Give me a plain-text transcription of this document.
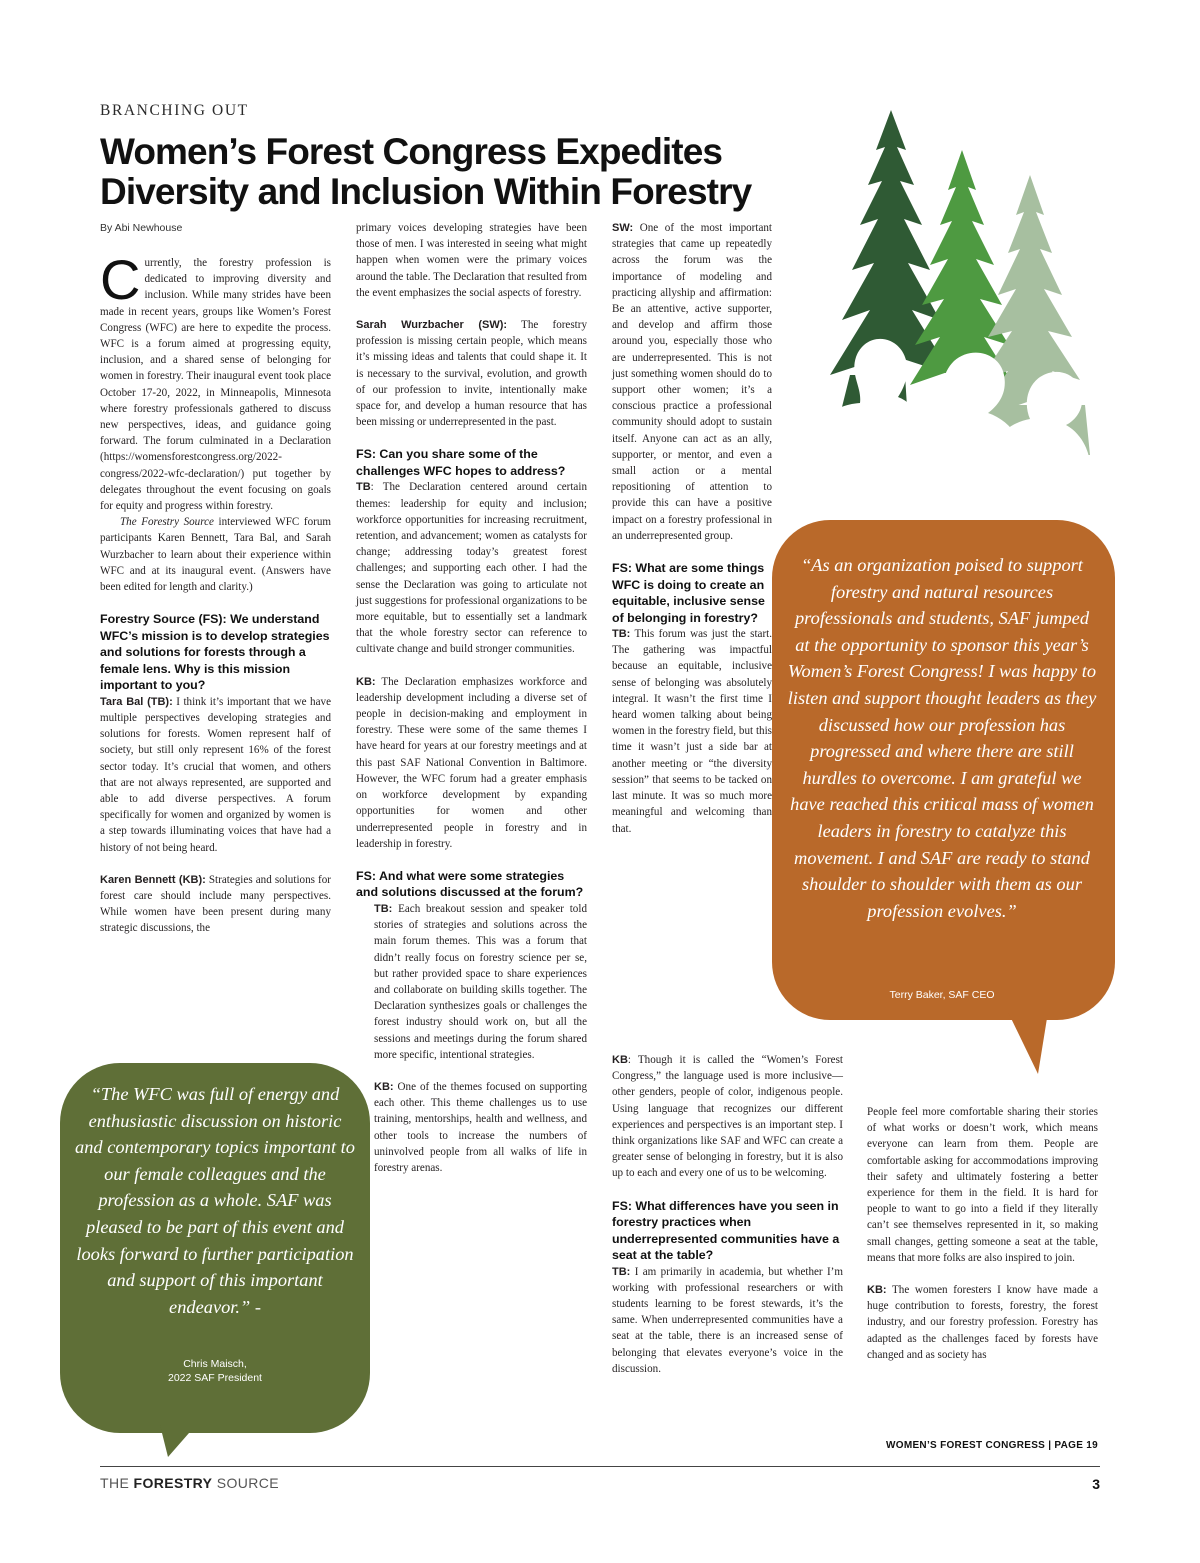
BRANCHING OUT
Women’s Forest Congress Expedites Diversity and Inclusion Within Forestry
By Abi Newhouse

Currently, the forestry profession is dedicated to improving diversity and inclusion. While many strides have been made in recent years, groups like Women’s Forest Congress (WFC) are here to expedite the process. WFC is a forum aimed at progressing equity, inclusion, and a shared sense of belonging for women in forestry. Their inaugural event took place October 17-20, 2022, in Minneapolis, Minnesota where forestry professionals gathered to discuss new perspectives, ideas, and guidance going forward. The forum culminated in a Declaration (https://womensforestcongress.org/2022-congress/2022-wfc-declaration/) put together by delegates throughout the event focusing on goals for equity and progress within forestry.

The Forestry Source interviewed WFC forum participants Karen Bennett, Tara Bal, and Sarah Wurzbacher to learn about their experience within WFC and at its inaugural event. (Answers have been edited for length and clarity.)

Forestry Source (FS): We understand WFC’s mission is to develop strategies and solutions for forests through a female lens. Why is this mission important to you?

Tara Bal (TB): I think it’s important that we have multiple perspectives developing strategies and solutions for forests. Women represent half of society, but still only represent 16% of the forest sector today. It’s crucial that women, and others that are not always represented, are supported and able to add diverse perspectives. A forum specifically for women and organized by women is a step towards illuminating voices that have had a history of not being heard.

Karen Bennett (KB): Strategies and solutions for forest care should include many perspectives. While women have been present during many strategic discussions, the

primary voices developing strategies have been those of men. I was interested in seeing what might happen when women were the primary voices around the table. The Declaration that resulted from the event emphasizes the social aspects of forestry.

Sarah Wurzbacher (SW): The forestry profession is missing certain people, which means it’s missing ideas and talents that could shape it. It is necessary to the survival, evolution, and growth of our profession to invite, intentionally make space for, and develop a human resource that has been missing or underrepresented in the past.

FS: Can you share some of the challenges WFC hopes to address?

TB: The Declaration centered around certain themes: leadership for equity and inclusion; workforce opportunities for increasing recruitment, retention, and advancement; women as catalysts for change; addressing today’s greatest forest challenges; and supporting each other. I had the sense the Declaration was going to articulate not just suggestions for professional organizations to be more equitable, but to essentially set a landmark that the whole forestry sector can reference to cultivate change and build stronger communities.

KB: The Declaration emphasizes workforce and leadership development including a diverse set of people in decision-making and employment in forestry. These were some of the same themes I have heard for years at our forestry meetings and at this past SAF National Convention in Baltimore. However, the WFC forum had a greater emphasis on workforce development by expanding opportunities for women and other underrepresented people in forestry and in leadership in forestry.

FS: And what were some strategies and solutions discussed at the forum?

TB: Each breakout session and speaker told stories of strategies and solutions across the main forum themes. This was a forum that didn’t really focus on forestry science per se, but rather provided space to share experiences and collaborate on building skills together. The Declaration synthesizes goals or challenges the forest industry should work on, but all the sessions and meetings during the forum shared more specific, intentional strategies.

KB: One of the themes focused on supporting each other. This theme challenges us to use training, mentorships, health and wellness, and other tools to increase the numbers of uninvolved people from all walks of life in forestry arenas.

SW: One of the most important strategies that came up repeatedly across the forum was the importance of modeling and practicing allyship and affirmation: Be an attentive, active supporter, and develop and affirm those around you, especially those who are underrepresented. This is not just something women should do to support other women; it’s a conscious practice a professional community should adopt to sustain itself. Anyone can act as an ally, supporter, or mentor, and even a small action or a mental repositioning of attention to provide this can have a positive impact on a forestry professional in an underrepresented group.

FS: What are some things WFC is doing to create an equitable, inclusive sense of belonging in forestry?

TB: This forum was just the start. The gathering was impactful because an equitable, inclusive sense of belonging was absolutely integral. It wasn’t the first time I heard women talking about being women in the forestry field, but this time it wasn’t just a side bar at another meeting or “the diversity session” that seems to be tacked on last minute. It was so much more meaningful and welcoming than that.

KB: Though it is called the “Women’s Forest Congress,” the language used is more inclusive—other genders, people of color, indigenous people. Using language that recognizes our different experiences and perspectives is an important step. I think organizations like SAF and WFC can create a greater sense of belonging in forestry, but it is also up to each and every one of us to be welcoming.

FS: What differences have you seen in forestry practices when underrepresented communities have a seat at the table?

TB: I am primarily in academia, but whether I’m working with professional researchers or with students learning to be forest stewards, it’s the same. When underrepresented communities have a seat at the table, there is an increased sense of belonging that elevates everyone’s voice in the discussion.

People feel more comfortable sharing their stories of what works or doesn’t work, which means everyone can learn from them. People are comfortable asking for accommodations improving their safety and ultimately fostering a better experience for them in the field. It is hard for people to want to go into a field if they literally can’t see themselves represented in it, so making small changes, getting someone a seat at the table, means that more folks are also inspired to join.

KB: The women foresters I know have made a huge contribution to forests, forestry, the forest industry, and our forestry profession. Forestry has adapted as the challenges faced by forests have changed and as society has

“As an organization poised to support forestry and natural resources professionals and students, SAF jumped at the opportunity to sponsor this year’s Women’s Forest Congress! I was happy to listen and support thought leaders as they discussed how our profession has progressed and where there are still hurdles to overcome. I am grateful we have reached this critical mass of women leaders in forestry to catalyze this movement. I and SAF are ready to stand shoulder to shoulder with them as our profession evolves.”
Terry Baker, SAF CEO
“The WFC was full of energy and enthusiastic discussion on historic and contemporary topics important to our female colleagues and the profession as a whole. SAF was pleased to be part of this event and looks forward to further participation and support of this important endeavor.” -
Chris Maisch,
2022 SAF President
WOMEN’S FOREST CONGRESS | PAGE 19
THE FORESTRY SOURCE	3
